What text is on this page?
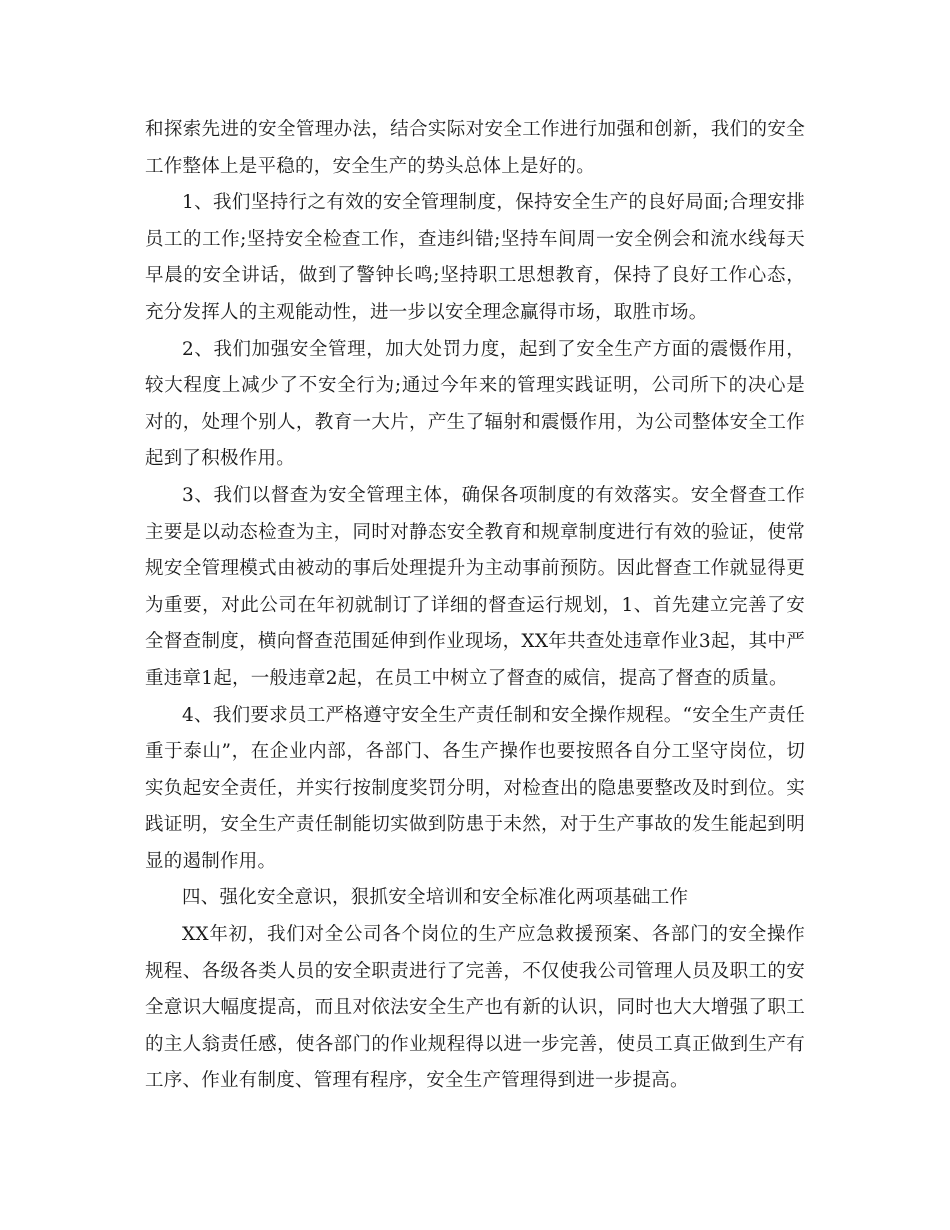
和探索先进的安全管理办法，结合实际对安全工作进行加强和创新，我们的安全工作整体上是平稳的，安全生产的势头总体上是好的。

1、我们坚持行之有效的安全管理制度，保持安全生产的良好局面;合理安排员工的工作;坚持安全检查工作，查违纠错;坚持车间周一安全例会和流水线每天早晨的安全讲话，做到了警钟长鸣;坚持职工思想教育，保持了良好工作心态，充分发挥人的主观能动性，进一步以安全理念赢得市场，取胜市场。

2、我们加强安全管理，加大处罚力度，起到了安全生产方面的震慑作用，较大程度上减少了不安全行为;通过今年来的管理实践证明，公司所下的决心是对的，处理个别人，教育一大片，产生了辐射和震慑作用，为公司整体安全工作起到了积极作用。

3、我们以督查为安全管理主体，确保各项制度的有效落实。安全督查工作主要是以动态检查为主，同时对静态安全教育和规章制度进行有效的验证，使常规安全管理模式由被动的事后处理提升为主动事前预防。因此督查工作就显得更为重要，对此公司在年初就制订了详细的督查运行规划，1、首先建立完善了安全督查制度，横向督查范围延伸到作业现场，XX年共查处违章作业3起，其中严重违章1起，一般违章2起，在员工中树立了督查的威信，提高了督查的质量。

4、我们要求员工严格遵守安全生产责任制和安全操作规程。“安全生产责任重于泰山”，在企业内部，各部门、各生产操作也要按照各自分工坚守岗位，切实负起安全责任，并实行按制度奖罚分明，对检查出的隐患要整改及时到位。实践证明，安全生产责任制能切实做到防患于未然，对于生产事故的发生能起到明显的遏制作用。

四、强化安全意识，狠抓安全培训和安全标准化两项基础工作

XX年初，我们对全公司各个岗位的生产应急救援预案、各部门的安全操作规程、各级各类人员的安全职责进行了完善，不仅使我公司管理人员及职工的安全意识大幅度提高，而且对依法安全生产也有新的认识，同时也大大增强了职工的主人翁责任感，使各部门的作业规程得以进一步完善，使员工真正做到生产有工序、作业有制度、管理有程序，安全生产管理得到进一步提高。
